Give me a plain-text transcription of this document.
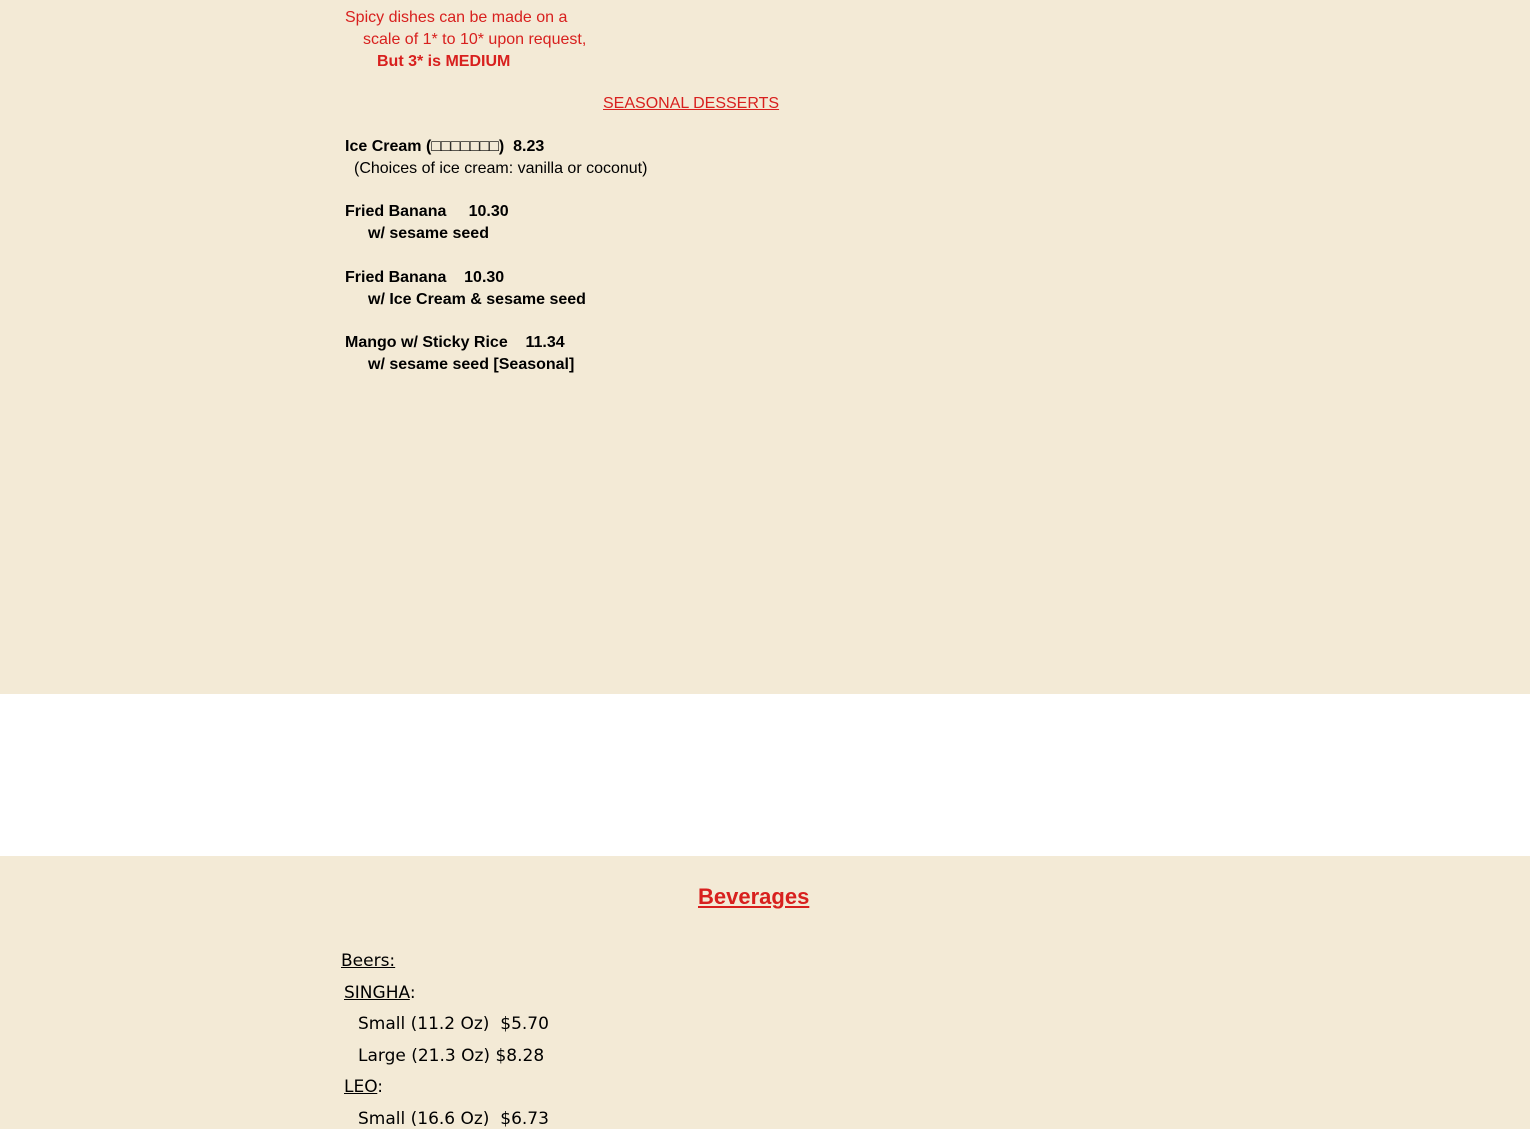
Spicy dishes can be made on a
scale of 1* to 10* upon request,
But 3* is MEDIUM
SEASONAL DESSERTS
Ice Cream (□□□□□□□)  8.23
(Choices of ice cream: vanilla or coconut)
Fried Banana     10.30
w/ sesame seed
Fried Banana    10.30
w/ Ice Cream & sesame seed
Mango w/ Sticky Rice    11.34
w/ sesame seed [Seasonal]
Beverages
Beers:
SINGHA:
Small (11.2 Oz)  $5.70
Large (21.3 Oz) $8.28
LEO:
Small (16.6 Oz)  $6.73
